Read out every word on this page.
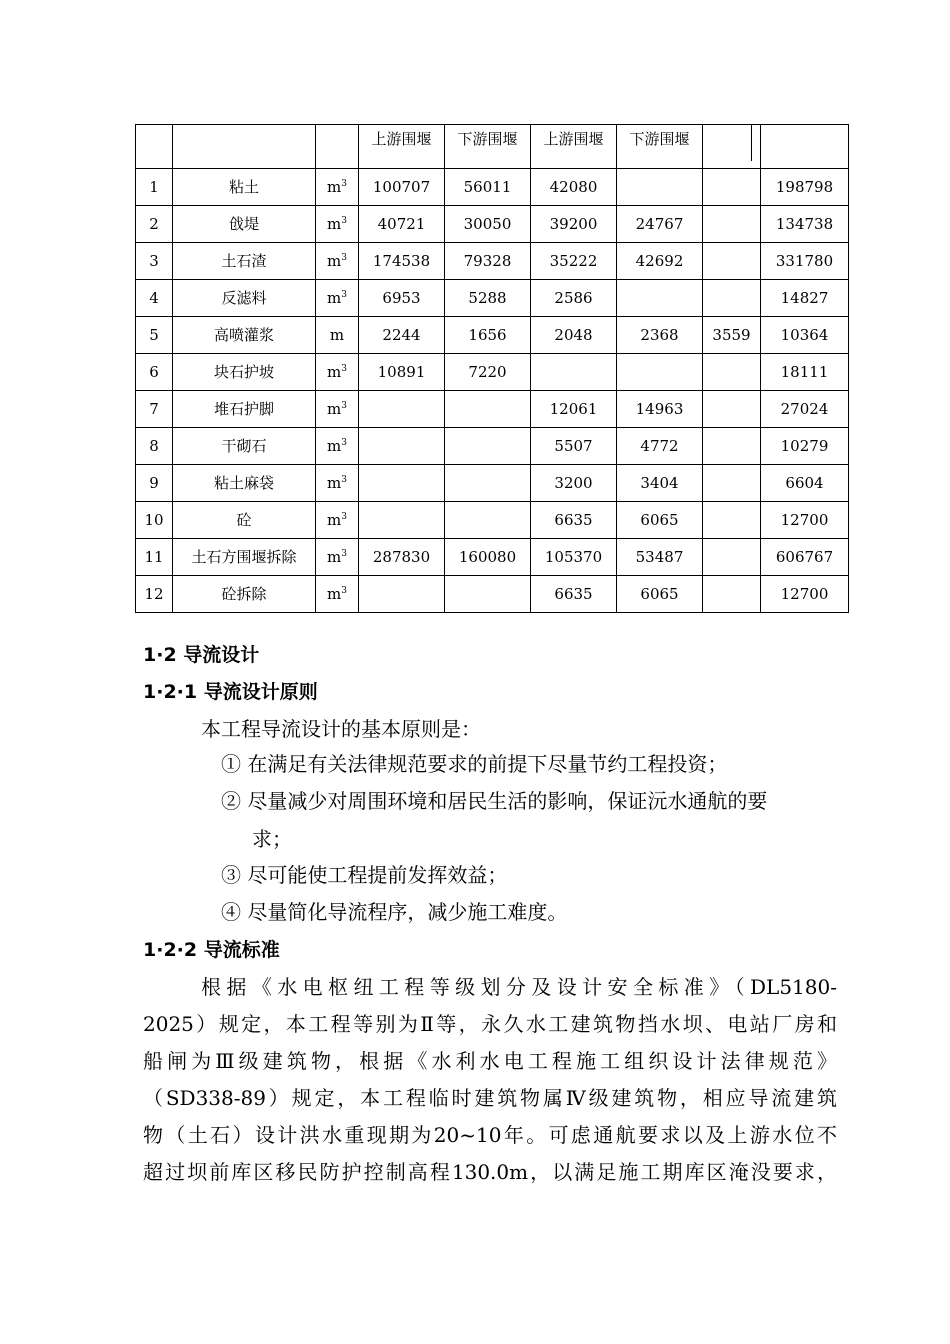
			上游围堰	下游围堰	上游围堰	下游围堰		
1	粘土	$m^3$	100707	56011	42080			198798
2	戗堤	$m^3$	40721	30050	39200	24767		134738
3	土石渣	$m^3$	174538	79328	35222	42692		331780
4	反滤料	$m^3$	6953	5288	2586			14827
5	高喷灌浆	m	2244	1656	2048	2368	3559	10364
6	块石护坡	$m^3$	10891	7220				18111
7	堆石护脚	$m^3$			12061	14963		27024
8	干砌石	$m^3$			5507	4772		10279
9	粘土麻袋	$m^3$			3200	3404		6604
10	砼	$m^3$			6635	6065		12700
11	土石方围堰拆除	$m^3$	287830	160080	105370	53487		606767
12	砼拆除	$m^3$			6635	6065		12700
1·2 导流设计
1·2·1 导流设计原则
本工程导流设计的基本原则是：
① 在满足有关法律规范要求的前提下尽量节约工程投资；
② 尽量减少对周围环境和居民生活的影响，保证沅水通航的要
求；
③ 尽可能使工程提前发挥效益；
④ 尽量简化导流程序，减少施工难度。
1·2·2 导流标准
根据《水电枢纽工程等级划分及设计安全标准》（DL5180-
2025）规定，本工程等别为Ⅱ等，永久水工建筑物挡水坝、电站厂房和
船闸为Ⅲ级建筑物，根据《水利水电工程施工组织设计法律规范》
（SD338-89）规定，本工程临时建筑物属Ⅳ级建筑物，相应导流建筑
物（土石）设计洪水重现期为20~10年。可虑通航要求以及上游水位不
超过坝前库区移民防护控制高程130.0m，以满足施工期库区淹没要求，
